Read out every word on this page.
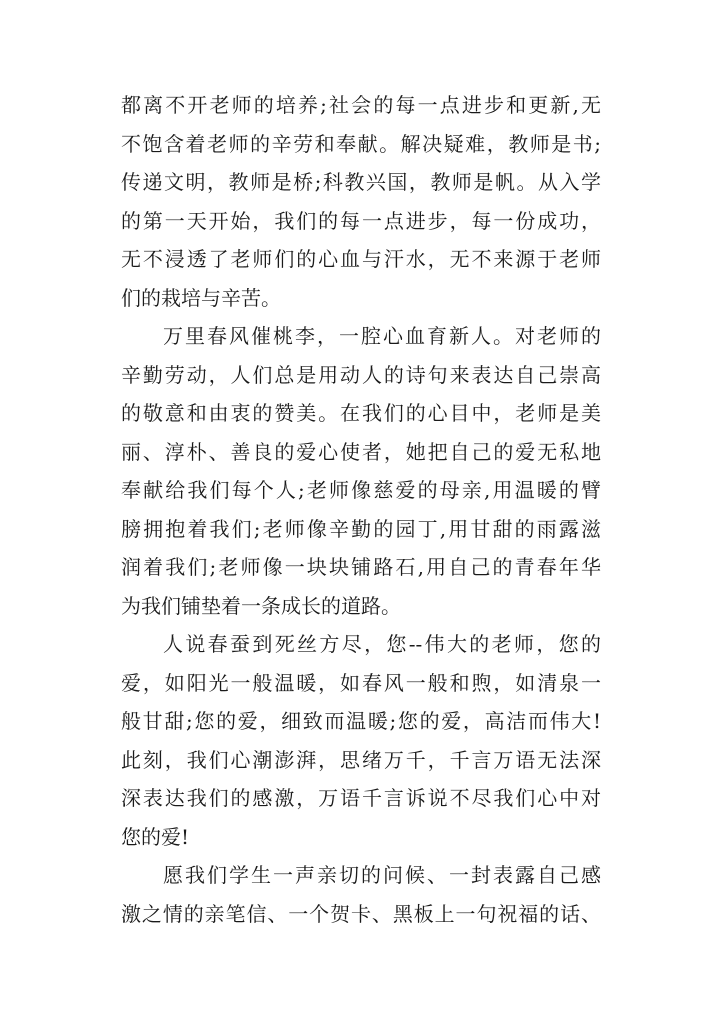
都离不开老师的培养;社会的每一点进步和更新,无
不饱含着老师的辛劳和奉献。解决疑难，教师是书;
传递文明，教师是桥;科教兴国，教师是帆。从入学
的第一天开始，我们的每一点进步，每一份成功，
无不浸透了老师们的心血与汗水，无不来源于老师
们的栽培与辛苦。
万里春风催桃李，一腔心血育新人。对老师的
辛勤劳动，人们总是用动人的诗句来表达自己崇高
的敬意和由衷的赞美。在我们的心目中，老师是美
丽、淳朴、善良的爱心使者，她把自己的爱无私地
奉献给我们每个人;老师像慈爱的母亲,用温暖的臂
膀拥抱着我们;老师像辛勤的园丁,用甘甜的雨露滋
润着我们;老师像一块块铺路石,用自己的青春年华
为我们铺垫着一条成长的道路。
人说春蚕到死丝方尽，您--伟大的老师，您的
爱，如阳光一般温暖，如春风一般和煦，如清泉一
般甘甜;您的爱，细致而温暖;您的爱，高洁而伟大!
此刻，我们心潮澎湃，思绪万千，千言万语无法深
深表达我们的感激，万语千言诉说不尽我们心中对
您的爱!
愿我们学生一声亲切的问候、一封表露自己感
激之情的亲笔信、一个贺卡、黑板上一句祝福的话、
